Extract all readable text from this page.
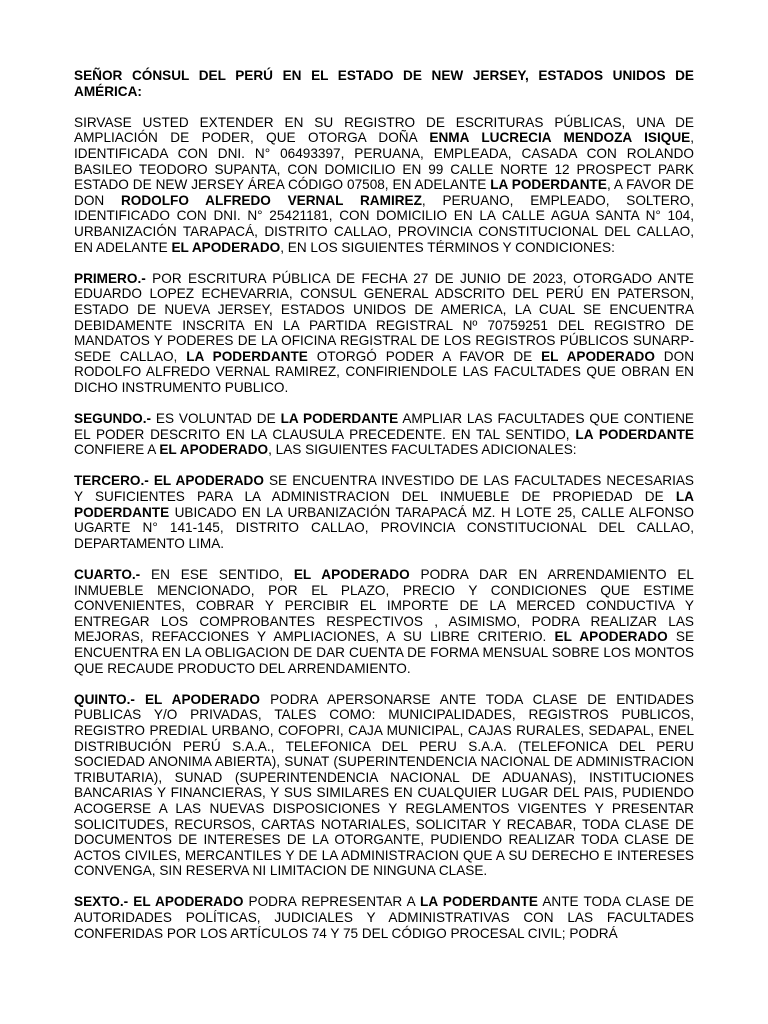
SEÑOR CÓNSUL DEL PERÚ EN EL ESTADO DE NEW JERSEY, ESTADOS UNIDOS DE AMÉRICA:

SIRVASE USTED EXTENDER EN SU REGISTRO DE ESCRITURAS PÚBLICAS, UNA DE AMPLIACIÓN DE PODER, QUE OTORGA DOÑA ENMA LUCRECIA MENDOZA ISIQUE, IDENTIFICADA CON DNI. N° 06493397, PERUANA, EMPLEADA, CASADA CON ROLANDO BASILEO TEODORO SUPANTA, CON DOMICILIO EN 99 CALLE NORTE 12 PROSPECT PARK ESTADO DE NEW JERSEY ÁREA CÓDIGO 07508, EN ADELANTE LA PODERDANTE, A FAVOR DE DON RODOLFO ALFREDO VERNAL RAMIREZ, PERUANO, EMPLEADO, SOLTERO, IDENTIFICADO CON DNI. N° 25421181, CON DOMICILIO EN LA CALLE AGUA SANTA N° 104, URBANIZACIÓN TARAPACÁ, DISTRITO CALLAO, PROVINCIA CONSTITUCIONAL DEL CALLAO, EN ADELANTE EL APODERADO, EN LOS SIGUIENTES TÉRMINOS Y CONDICIONES:

PRIMERO.- POR ESCRITURA PÚBLICA DE FECHA 27 DE JUNIO DE 2023, OTORGADO ANTE EDUARDO LOPEZ ECHEVARRIA, CONSUL GENERAL ADSCRITO DEL PERÚ EN PATERSON, ESTADO DE NUEVA JERSEY, ESTADOS UNIDOS DE AMERICA, LA CUAL SE ENCUENTRA DEBIDAMENTE INSCRITA EN LA PARTIDA REGISTRAL Nº 70759251 DEL REGISTRO DE MANDATOS Y PODERES DE LA OFICINA REGISTRAL DE LOS REGISTROS PÚBLICOS SUNARP-SEDE CALLAO, LA PODERDANTE OTORGÓ PODER A FAVOR DE EL APODERADO DON RODOLFO ALFREDO VERNAL RAMIREZ, CONFIRIENDOLE LAS FACULTADES QUE OBRAN EN DICHO INSTRUMENTO PUBLICO.

SEGUNDO.- ES VOLUNTAD DE LA PODERDANTE AMPLIAR LAS FACULTADES QUE CONTIENE EL PODER DESCRITO EN LA CLAUSULA PRECEDENTE. EN TAL SENTIDO, LA PODERDANTE CONFIERE A EL APODERADO, LAS SIGUIENTES FACULTADES ADICIONALES:

TERCERO.- EL APODERADO SE ENCUENTRA INVESTIDO DE LAS FACULTADES NECESARIAS Y SUFICIENTES PARA LA ADMINISTRACION DEL INMUEBLE DE PROPIEDAD DE LA PODERDANTE UBICADO EN LA URBANIZACIÓN TARAPACÁ MZ. H LOTE 25, CALLE ALFONSO UGARTE N° 141-145, DISTRITO CALLAO, PROVINCIA CONSTITUCIONAL DEL CALLAO, DEPARTAMENTO LIMA.

CUARTO.- EN ESE SENTIDO, EL APODERADO PODRA DAR EN ARRENDAMIENTO EL INMUEBLE MENCIONADO, POR EL PLAZO, PRECIO Y CONDICIONES QUE ESTIME CONVENIENTES, COBRAR Y PERCIBIR EL IMPORTE DE LA MERCED CONDUCTIVA Y ENTREGAR LOS COMPROBANTES RESPECTIVOS , ASIMISMO, PODRA REALIZAR LAS MEJORAS, REFACCIONES Y AMPLIACIONES, A SU LIBRE CRITERIO. EL APODERADO SE ENCUENTRA EN LA OBLIGACION DE DAR CUENTA DE FORMA MENSUAL SOBRE LOS MONTOS QUE RECAUDE PRODUCTO DEL ARRENDAMIENTO.

QUINTO.- EL APODERADO PODRA APERSONARSE ANTE TODA CLASE DE ENTIDADES PUBLICAS Y/O PRIVADAS, TALES COMO: MUNICIPALIDADES, REGISTROS PUBLICOS, REGISTRO PREDIAL URBANO, COFOPRI, CAJA MUNICIPAL, CAJAS RURALES, SEDAPAL, ENEL DISTRIBUCIÓN PERÚ S.A.A., TELEFONICA DEL PERU S.A.A. (TELEFONICA DEL PERU SOCIEDAD ANONIMA ABIERTA), SUNAT (SUPERINTENDENCIA NACIONAL DE ADMINISTRACION TRIBUTARIA), SUNAD (SUPERINTENDENCIA NACIONAL DE ADUANAS), INSTITUCIONES BANCARIAS Y FINANCIERAS, Y SUS SIMILARES EN CUALQUIER LUGAR DEL PAIS, PUDIENDO ACOGERSE A LAS NUEVAS DISPOSICIONES Y REGLAMENTOS VIGENTES Y PRESENTAR SOLICITUDES, RECURSOS, CARTAS NOTARIALES, SOLICITAR Y RECABAR, TODA CLASE DE DOCUMENTOS DE INTERESES DE LA OTORGANTE, PUDIENDO REALIZAR TODA CLASE DE ACTOS CIVILES, MERCANTILES Y DE LA ADMINISTRACION QUE A SU DERECHO E INTERESES CONVENGA, SIN RESERVA NI LIMITACION DE NINGUNA CLASE.

SEXTO.- EL APODERADO PODRA REPRESENTAR A LA PODERDANTE ANTE TODA CLASE DE AUTORIDADES POLÍTICAS, JUDICIALES Y ADMINISTRATIVAS CON LAS FACULTADES CONFERIDAS POR LOS ARTÍCULOS 74 Y 75 DEL CÓDIGO PROCESAL CIVIL; PODRÁ
